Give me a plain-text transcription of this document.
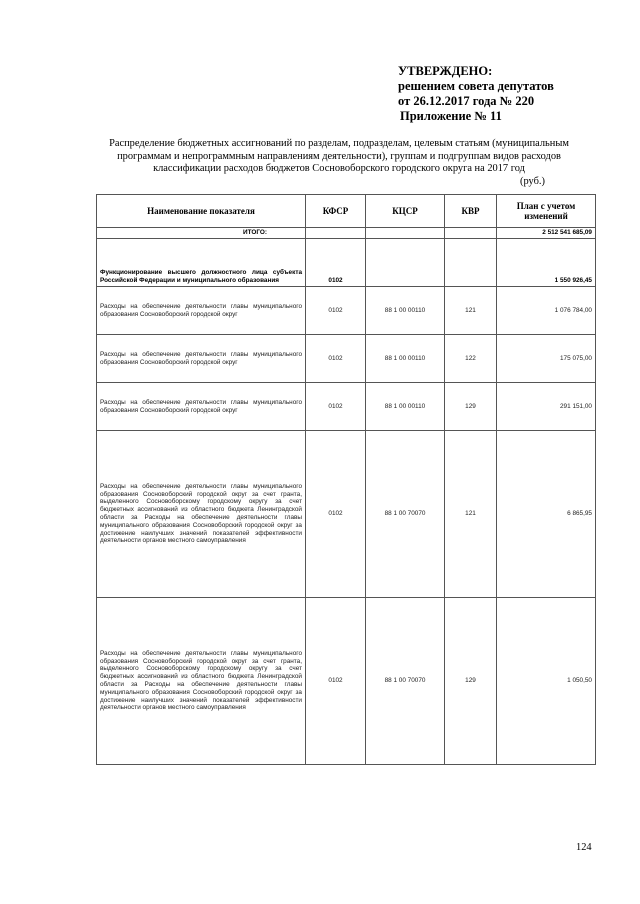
УТВЕРЖДЕНО:
решением совета депутатов
от 26.12.2017 года № 220
Приложение № 11
Распределение бюджетных ассигнований по разделам, подразделам, целевым статьям (муниципальным программам и непрограммным направлениям деятельности), группам и подгруппам видов расходов классификации расходов бюджетов Сосновоборского городского округа на 2017 год
(руб.)
Наименование показателя	КФСР	КЦСР	КВР	План с учетом изменений
ИТОГО:				2 512 541 685,09
Функционирование высшего должностного лица субъекта Российской Федерации и муниципального образования	0102			1 550 926,45
Расходы на обеспечение деятельности главы муниципального образования Сосновоборский городской округ	0102	88 1 00 00110	121	1 076 784,00
Расходы на обеспечение деятельности главы муниципального образования Сосновоборский городской округ	0102	88 1 00 00110	122	175 075,00
Расходы на обеспечение деятельности главы муниципального образования Сосновоборский городской округ	0102	88 1 00 00110	129	291 151,00
Расходы на обеспечение деятельности главы муниципального образования Сосновоборский городской округ за счет гранта, выделенного Сосновоборскому городскому округу за счет бюджетных ассигнований из областного бюджета Ленинградской области за Расходы на обеспечение деятельности главы муниципального образования Сосновоборский городской округ за достижение наилучших значений показателей эффективности деятельности органов местного самоуправления	0102	88 1 00 70070	121	6 865,95
Расходы на обеспечение деятельности главы муниципального образования Сосновоборский городской округ за счет гранта, выделенного Сосновоборскому городскому округу за счет бюджетных ассигнований из областного бюджета Ленинградской области за Расходы на обеспечение деятельности главы муниципального образования Сосновоборский городской округ за достижение наилучших значений показателей эффективности деятельности органов местного самоуправления	0102	88 1 00 70070	129	1 050,50
124
